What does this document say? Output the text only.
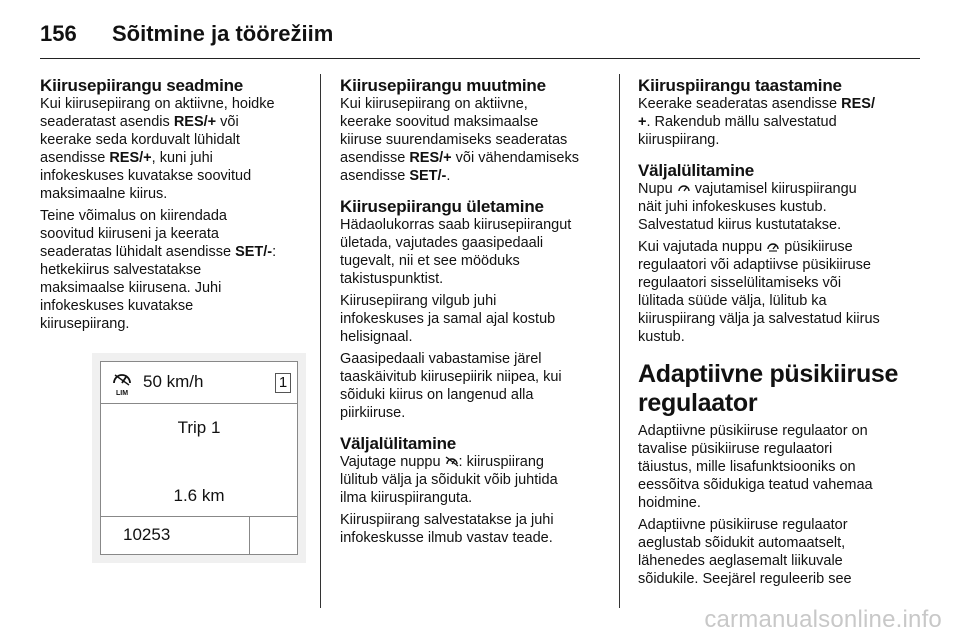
156	Sõitmine ja töörežiim
Kiirusepiirangu seadmine

Kui kiirusepiirang on aktiivne, hoidke
seaderatast asendis RES/+ või
keerake seda korduvalt lühidalt
asendisse RES/+, kuni juhi
infokeskuses kuvatakse soovitud
maksimaalne kiirus.

Teine võimalus on kiirendada
soovitud kiiruseni ja keerata
seaderatas lühidalt asendisse SET/-:
hetkekiirus salvestatakse
maksimaalse kiirusena. Juhi
infokeskuses kuvatakse
kiirusepiirang.

LIM
50 km/h	1
Trip 1
1.6 km
10253
Kiirusepiirangu muutmine

Kui kiirusepiirang on aktiivne,
keerake soovitud maksimaalse
kiiruse suurendamiseks seaderatas
asendisse RES/+ või vähendamiseks
asendisse SET/-.

Kiirusepiirangu ületamine

Hädaolukorras saab kiirusepiirangut
ületada, vajutades gaasipedaali
tugevalt, nii et see mööduks
takistuspunktist.

Kiirusepiirang vilgub juhi
infokeskuses ja samal ajal kostub
helisignaal.

Gaasipedaali vabastamise järel
taaskäivitub kiirusepiirik niipea, kui
sõiduki kiirus on langenud alla
piirkiiruse.

Väljalülitamine

Vajutage nuppu : kiiruspiirang
lülitub välja ja sõidukit võib juhtida
ilma kiiruspiiranguta.

Kiiruspiirang salvestatakse ja juhi
infokeskusse ilmub vastav teade.

Kiiruspiirangu taastamine

Keerake seaderatas asendisse RES/
+. Rakendub mällu salvestatud
kiiruspiirang.

Väljalülitamine

Nupu  vajutamisel kiiruspiirangu
näit juhi infokeskuses kustub.
Salvestatud kiirus kustutatakse.

Kui vajutada nuppu  püsikiiruse
regulaatori või adaptiivse püsikiiruse
regulaatori sisselülitamiseks või
lülitada süüde välja, lülitub ka
kiiruspiirang välja ja salvestatud kiirus
kustub.

Adaptiivne püsikiiruse
regulaator

Adaptiivne püsikiiruse regulaator on
tavalise püsikiiruse regulaatori
täiustus, mille lisafunktsiooniks on
eessõitva sõidukiga teatud vahemaa
hoidmine.

Adaptiivne püsikiiruse regulaator
aeglustab sõidukit automaatselt,
lähenedes aeglasemalt liikuvale
sõidukile. Seejärel reguleerib see

carmanualsonline.info
